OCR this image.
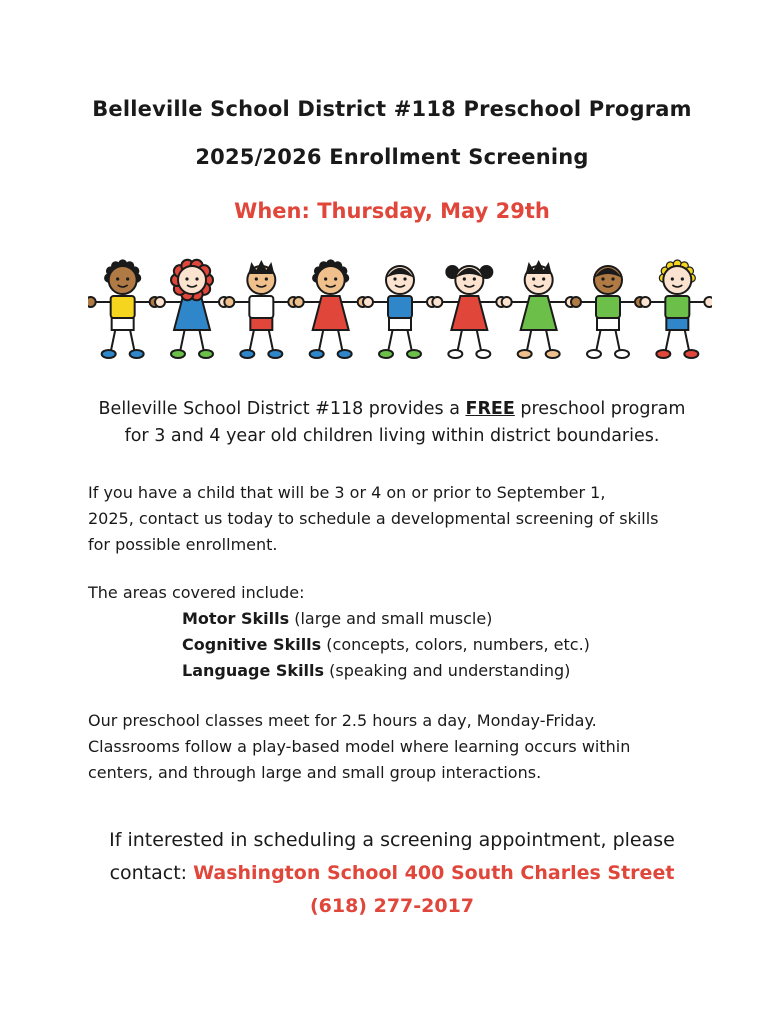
Belleville School District #118 Preschool Program
2025/2026 Enrollment Screening
When: Thursday, May 29th
Belleville School District #118 provides a FREE preschool program
for 3 and 4 year old children living within district boundaries.
If you have a child that will be 3 or 4 on or prior to September 1,
2025, contact us today to schedule a developmental screening of skills
for possible enrollment.
The areas covered include:
Motor Skills (large and small muscle)
Cognitive Skills (concepts, colors, numbers, etc.)
Language Skills (speaking and understanding)
Our preschool classes meet for 2.5 hours a day, Monday-Friday.
Classrooms follow a play-based model where learning occurs within
centers, and through large and small group interactions.
If interested in scheduling a screening appointment, please
contact: Washington School 400 South Charles Street
(618) 277-2017
